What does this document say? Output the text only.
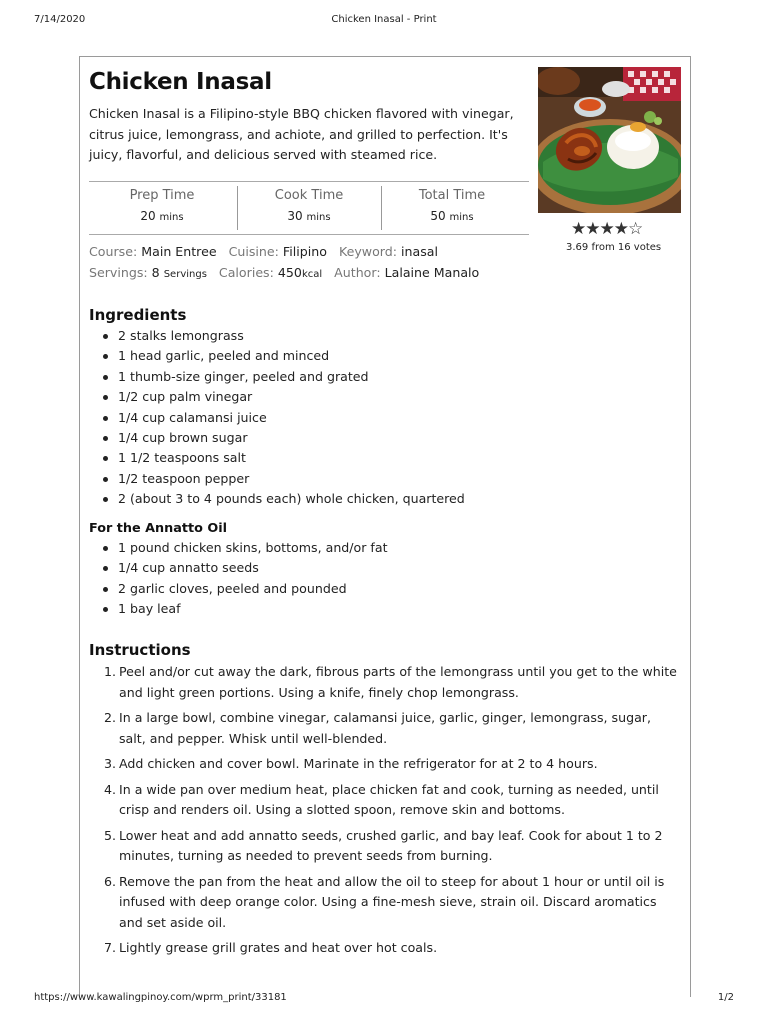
7/14/2020	Chicken Inasal - Print
Chicken Inasal
Chicken Inasal is a Filipino-style BBQ chicken flavored with vinegar, citrus juice, lemongrass, and achiote, and grilled to perfection. It's juicy, flavorful, and delicious served with steamed rice.
★★★★☆
3.69 from 16 votes
Prep Time
20 mins
Cook Time
30 mins
Total Time
50 mins
Course: Main Entree Cuisine: Filipino Keyword: inasal
Servings: 8 Servings Calories: 450kcal Author: Lalaine Manalo
Ingredients
2 stalks lemongrass
1 head garlic, peeled and minced
1 thumb-size ginger, peeled and grated
1/2 cup palm vinegar
1/4 cup calamansi juice
1/4 cup brown sugar
1 1/2 teaspoons salt
1/2 teaspoon pepper
2 (about 3 to 4 pounds each) whole chicken, quartered
For the Annatto Oil
1 pound chicken skins, bottoms, and/or fat
1/4 cup annatto seeds
2 garlic cloves, peeled and pounded
1 bay leaf
Instructions
1. Peel and/or cut away the dark, fibrous parts of the lemongrass until you get to the white and light green portions. Using a knife, finely chop lemongrass.
2. In a large bowl, combine vinegar, calamansi juice, garlic, ginger, lemongrass, sugar, salt, and pepper. Whisk until well-blended.
3. Add chicken and cover bowl. Marinate in the refrigerator for at 2 to 4 hours.
4. In a wide pan over medium heat, place chicken fat and cook, turning as needed, until crisp and renders oil. Using a slotted spoon, remove skin and bottoms.
5. Lower heat and add annatto seeds, crushed garlic, and bay leaf. Cook for about 1 to 2 minutes, turning as needed to prevent seeds from burning.
6. Remove the pan from the heat and allow the oil to steep for about 1 hour or until oil is infused with deep orange color. Using a fine-mesh sieve, strain oil. Discard aromatics and set aside oil.
7. Lightly grease grill grates and heat over hot coals.
https://www.kawalingpinoy.com/wprm_print/33181	1/2
